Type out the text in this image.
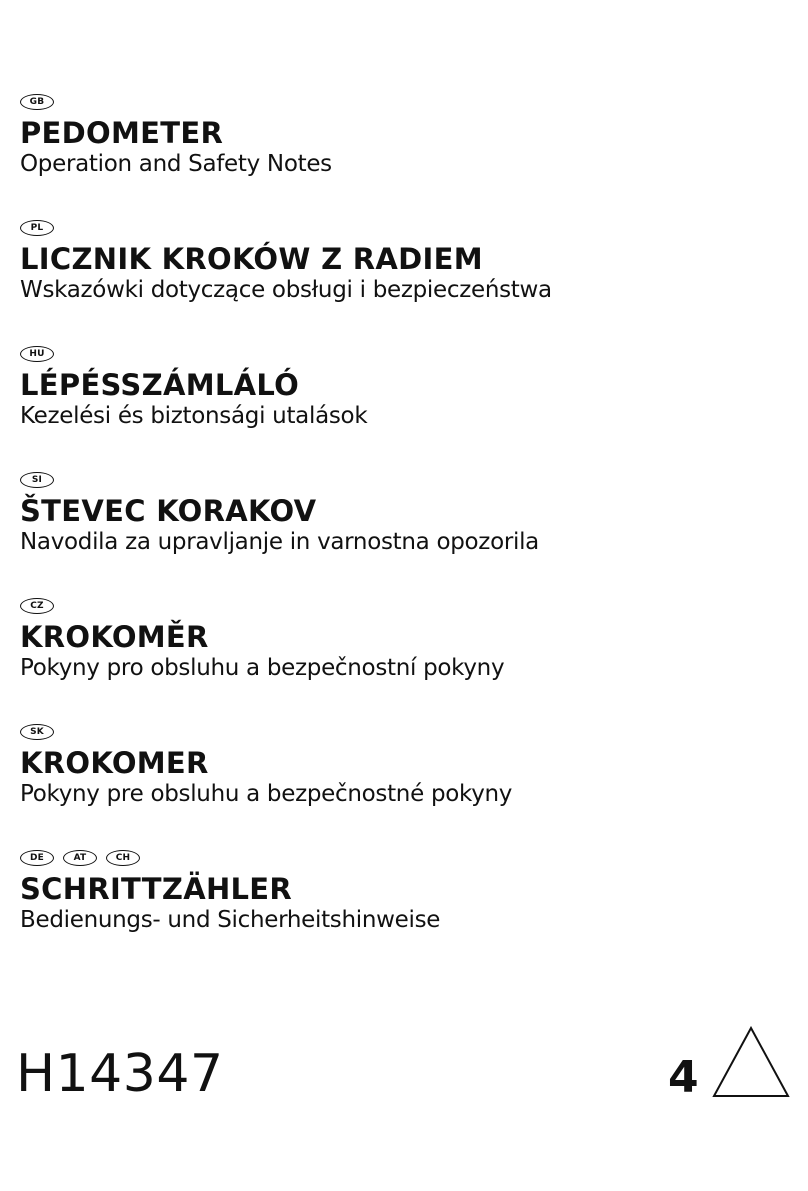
GB
PEDOMETER

Operation and Safety Notes

PL
LICZNIK KROKÓW Z RADIEM

Wskazówki dotyczące obsługi i bezpieczeństwa

HU
LÉPÉSSZÁMLÁLÓ

Kezelési és biztonsági utalások

SI
ŠTEVEC KORAKOV

Navodila za upravljanje in varnostna opozorila

CZ
KROKOMĚR

Pokyny pro obsluhu a bezpečnostní pokyny

SK
KROKOMER

Pokyny pre obsluhu a bezpečnostné pokyny

DE	AT	CH
SCHRITTZÄHLER

Bedienungs- und Sicherheitshinweise

H14347	4
